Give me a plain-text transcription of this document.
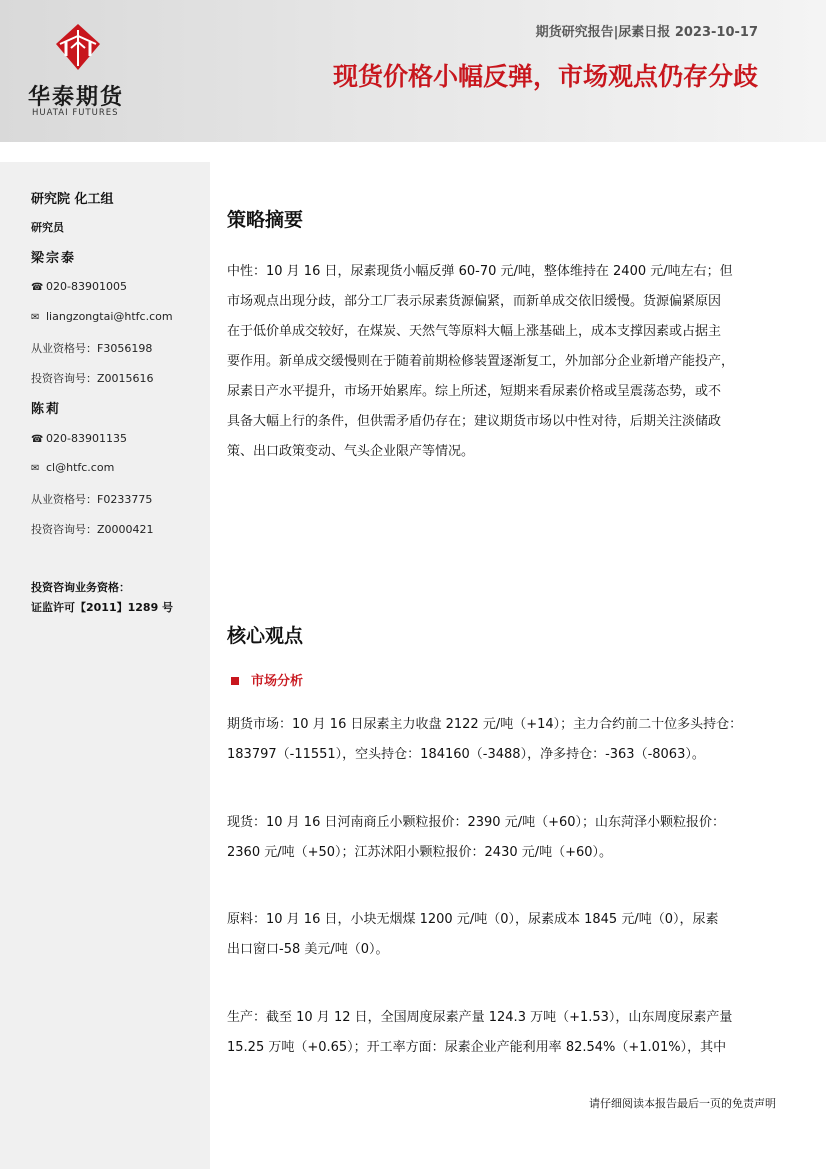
华泰期货
HUATAI FUTURES
期货研究报告|尿素日报 2023-10-17
现货价格小幅反弹，市场观点仍存分歧
研究院 化工组
研究员
梁宗泰
☎ 020-83901005
✉ liangzongtai@htfc.com
从业资格号：F3056198
投资咨询号：Z0015616
陈莉
☎ 020-83901135
✉ cl@htfc.com
从业资格号：F0233775
投资咨询号：Z0000421
投资咨询业务资格：
证监许可【2011】1289 号
策略摘要

中性：10 月 16 日，尿素现货小幅反弹 60-70 元/吨，整体维持在 2400 元/吨左右；但

市场观点出现分歧，部分工厂表示尿素货源偏紧，而新单成交依旧缓慢。货源偏紧原因

在于低价单成交较好，在煤炭、天然气等原料大幅上涨基础上，成本支撑因素或占据主

要作用。新单成交缓慢则在于随着前期检修装置逐渐复工，外加部分企业新增产能投产，

尿素日产水平提升，市场开始累库。综上所述，短期来看尿素价格或呈震荡态势，或不

具备大幅上行的条件，但供需矛盾仍存在；建议期货市场以中性对待，后期关注淡储政

策、出口政策变动、气头企业限产等情况。

核心观点
市场分析

期货市场：10 月 16 日尿素主力收盘 2122 元/吨（+14）；主力合约前二十位多头持仓：

183797（-11551），空头持仓：184160（-3488），净多持仓：-363（-8063）。

现货：10 月 16 日河南商丘小颗粒报价：2390 元/吨（+60）；山东菏泽小颗粒报价：

2360 元/吨（+50）；江苏沭阳小颗粒报价：2430 元/吨（+60）。

原料：10 月 16 日，小块无烟煤 1200 元/吨（0），尿素成本 1845 元/吨（0），尿素

出口窗口-58 美元/吨（0）。

生产：截至 10 月 12 日，全国周度尿素产量 124.3 万吨（+1.53），山东周度尿素产量

15.25 万吨（+0.65）；开工率方面：尿素企业产能利用率 82.54%（+1.01%），其中

请仔细阅读本报告最后一页的免责声明
